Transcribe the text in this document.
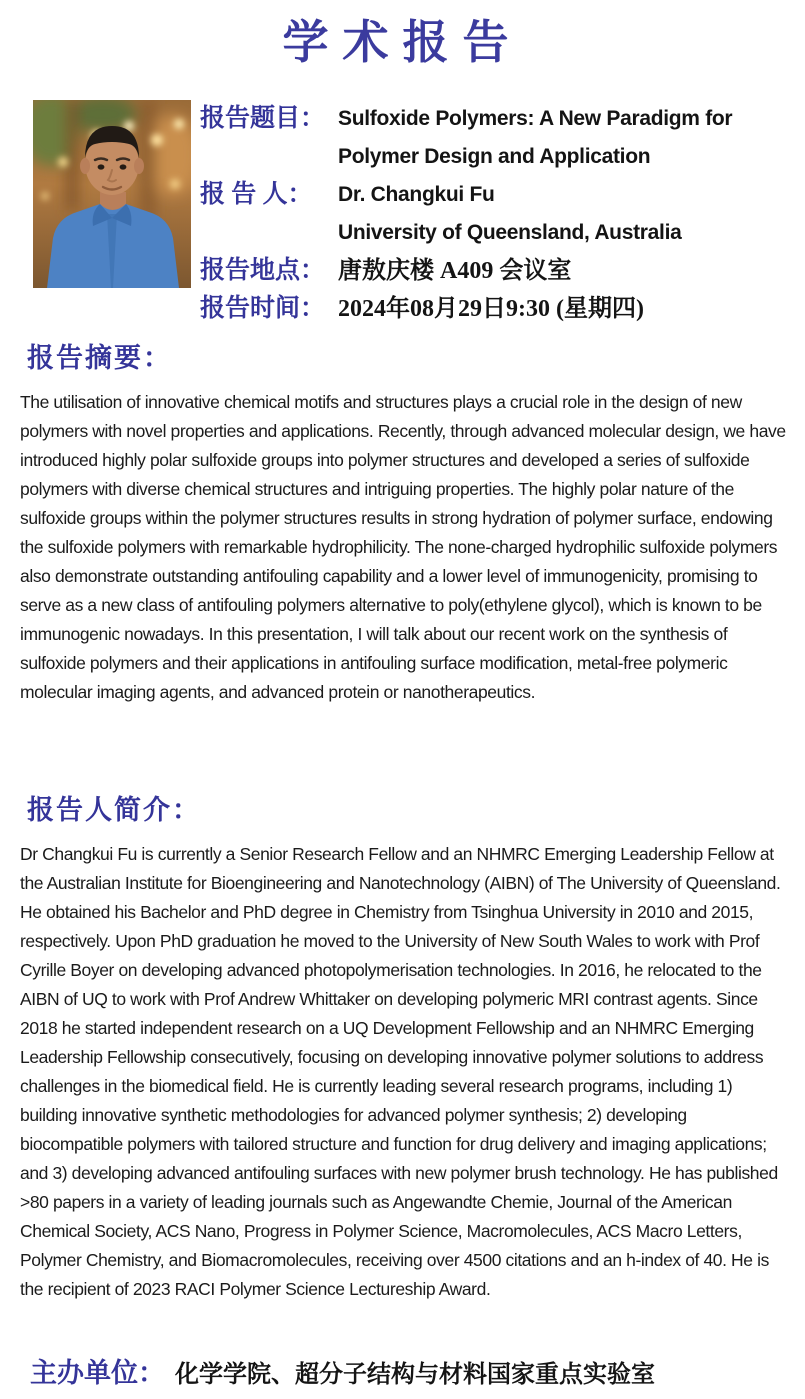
学术报告
报告题目： Sulfoxide Polymers: A New Paradigm for
Polymer Design and Application
报 告 人：	Dr. Changkui Fu
University of Queensland, Australia
报告地点： 唐敖庆楼 A409 会议室
报告时间： 2024年08月29日9:30 (星期四)
报告摘要：
The utilisation of innovative chemical motifs and structures plays a crucial role in the design of new polymers with novel properties and applications. Recently, through advanced molecular design, we have introduced highly polar sulfoxide groups into polymer structures and developed a series of sulfoxide polymers with diverse chemical structures and intriguing properties. The highly polar nature of the sulfoxide groups within the polymer structures results in strong hydration of polymer surface, endowing the sulfoxide polymers with remarkable hydrophilicity. The none-charged hydrophilic sulfoxide polymers also demonstrate outstanding antifouling capability and a lower level of immunogenicity, promising to serve as a new class of antifouling polymers alternative to poly(ethylene glycol), which is known to be immunogenic nowadays. In this presentation, I will talk about our recent work on the synthesis of sulfoxide polymers and their applications in antifouling surface modification, metal-free polymeric molecular imaging agents, and advanced protein or nanotherapeutics.
报告人简介：
Dr Changkui Fu is currently a Senior Research Fellow and an NHMRC Emerging Leadership Fellow at the Australian Institute for Bioengineering and Nanotechnology (AIBN) of The University of Queensland. He obtained his Bachelor and PhD degree in Chemistry from Tsinghua University in 2010 and 2015, respectively. Upon PhD graduation he moved to the University of New South Wales to work with Prof Cyrille Boyer on developing advanced photopolymerisation technologies. In 2016, he relocated to the AIBN of UQ to work with Prof Andrew Whittaker on developing polymeric MRI contrast agents. Since 2018 he started independent research on a UQ Development Fellowship and an NHMRC Emerging Leadership Fellowship consecutively, focusing on developing innovative polymer solutions to address challenges in the biomedical field. He is currently leading several research programs, including 1) building innovative synthetic methodologies for advanced polymer synthesis; 2) developing biocompatible polymers with tailored structure and function for drug delivery and imaging applications; and 3) developing advanced antifouling surfaces with new polymer brush technology. He has published >80 papers in a variety of leading journals such as Angewandte Chemie, Journal of the American Chemical Society, ACS Nano, Progress in Polymer Science, Macromolecules, ACS Macro Letters, Polymer Chemistry, and Biomacromolecules, receiving over 4500 citations and an h-index of 40. He is the recipient of 2023 RACI Polymer Science Lectureship Award.
主办单位： 化学学院、超分子结构与材料国家重点实验室
